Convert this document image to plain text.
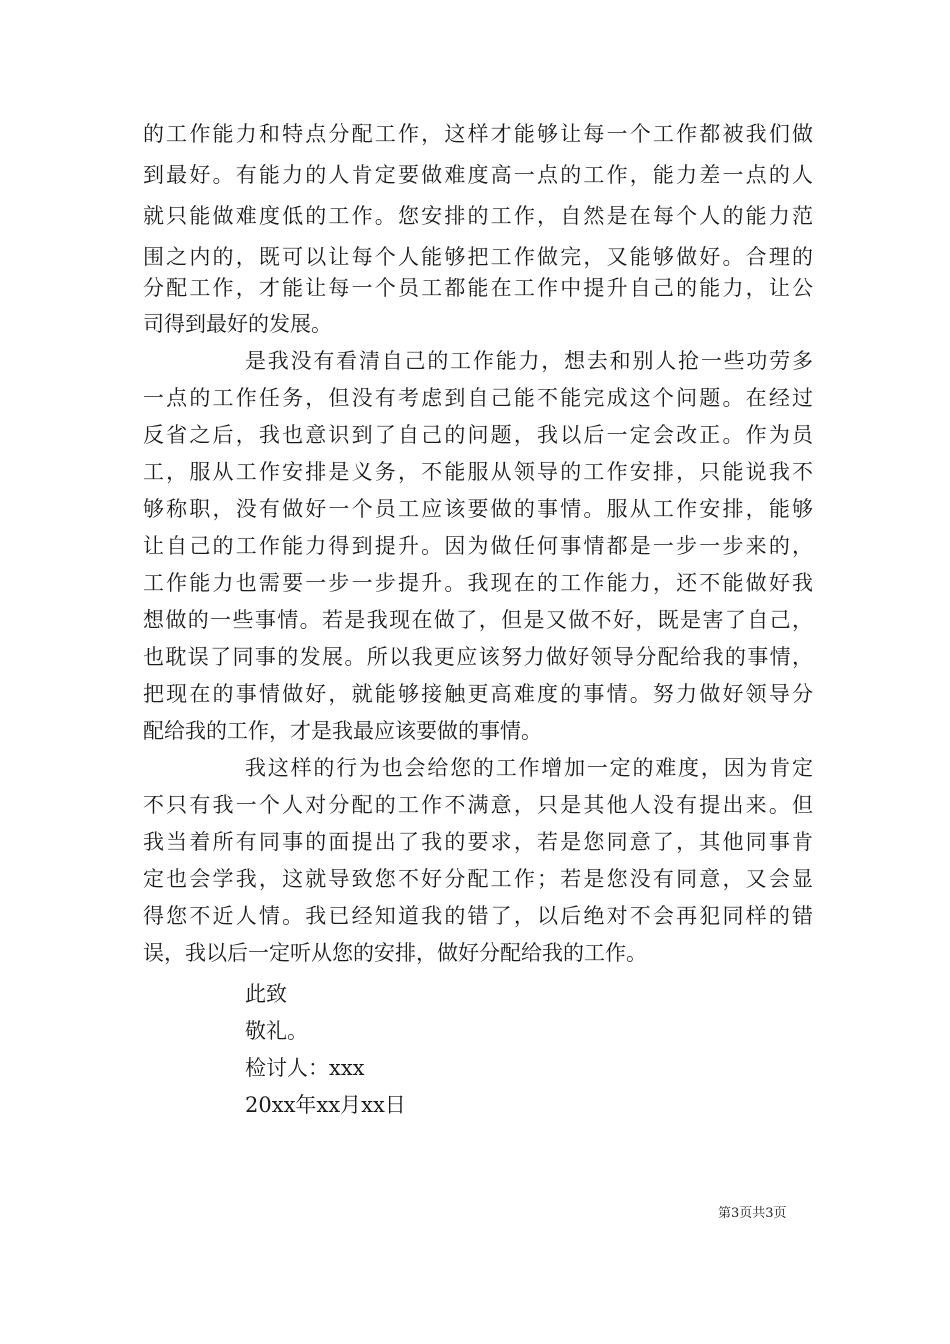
的工作能力和特点分配工作，这样才能够让每一个工作都被我们做
到最好。有能力的人肯定要做难度高一点的工作，能力差一点的人
就只能做难度低的工作。您安排的工作，自然是在每个人的能力范
围之内的，既可以让每个人能够把工作做完，又能够做好。合理的
分配工作，才能让每一个员工都能在工作中提升自己的能力，让公
司得到最好的发展。
是我没有看清自己的工作能力，想去和别人抢一些功劳多
一点的工作任务，但没有考虑到自己能不能完成这个问题。在经过
反省之后，我也意识到了自己的问题，我以后一定会改正。作为员
工，服从工作安排是义务，不能服从领导的工作安排，只能说我不
够称职，没有做好一个员工应该要做的事情。服从工作安排，能够
让自己的工作能力得到提升。因为做任何事情都是一步一步来的，
工作能力也需要一步一步提升。我现在的工作能力，还不能做好我
想做的一些事情。若是我现在做了，但是又做不好，既是害了自己，
也耽误了同事的发展。所以我更应该努力做好领导分配给我的事情，
把现在的事情做好，就能够接触更高难度的事情。努力做好领导分
配给我的工作，才是我最应该要做的事情。
我这样的行为也会给您的工作增加一定的难度，因为肯定
不只有我一个人对分配的工作不满意，只是其他人没有提出来。但
我当着所有同事的面提出了我的要求，若是您同意了，其他同事肯
定也会学我，这就导致您不好分配工作；若是您没有同意，又会显
得您不近人情。我已经知道我的错了，以后绝对不会再犯同样的错
误，我以后一定听从您的安排，做好分配给我的工作。
此致
敬礼。
检讨人：xxx
20xx年xx月xx日
第3页共3页
